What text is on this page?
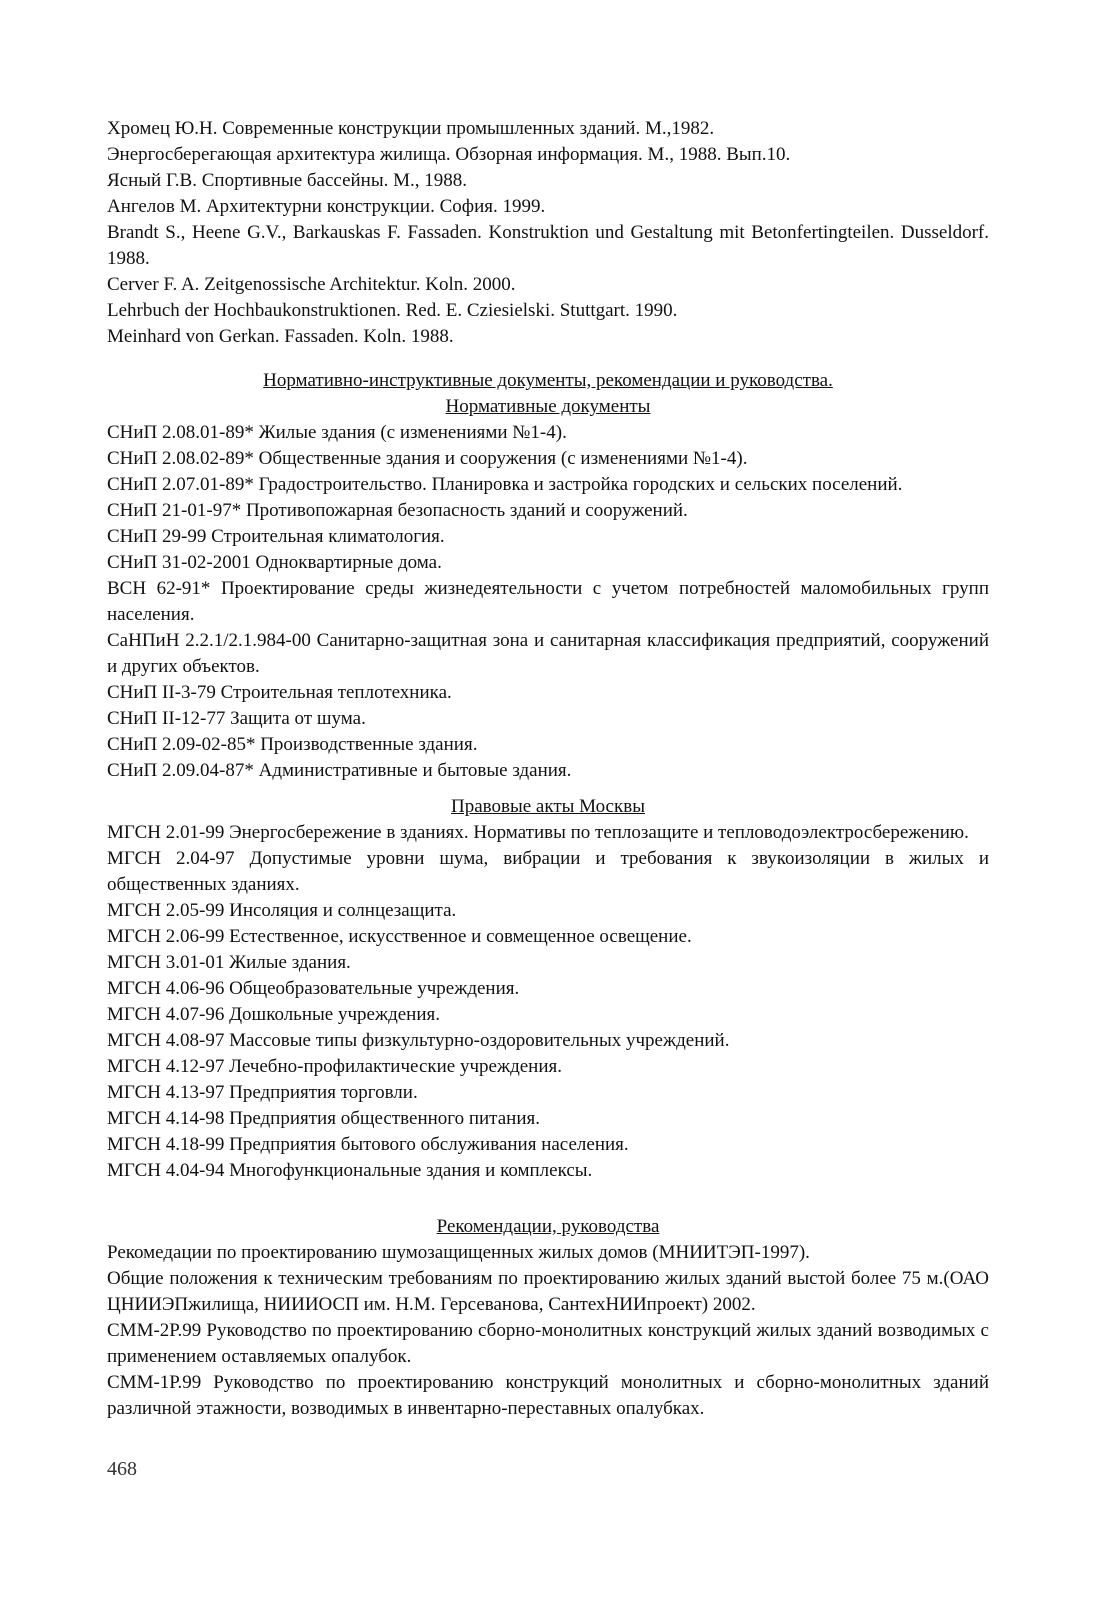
Хромец Ю.Н. Современные конструкции промышленных зданий. М.,1982.
Энергосберегающая архитектура жилища. Обзорная информация. М., 1988. Вып.10.
Ясный Г.В. Спортивные бассейны. М., 1988.
Ангелов М. Архитектурни конструкции. София. 1999.
Brandt S., Heene G.V., Barkauskas F. Fassaden. Konstruktion und Gestaltung mit Betonfertingteilen. Dusseldorf. 1988.
Cerver F. A. Zeitgenossische Architektur. Koln. 2000.
Lehrbuch der Hochbaukonstruktionen. Red. E. Cziesielski. Stuttgart. 1990.
Meinhard von Gerkan. Fassaden. Koln. 1988.
Нормативно-инструктивные документы, рекомендации и руководства.
Нормативные документы
СНиП 2.08.01-89* Жилые здания (с изменениями №1-4).
СНиП 2.08.02-89* Общественные здания и сооружения (с изменениями №1-4).
СНиП 2.07.01-89* Градостроительство. Планировка и застройка городских и сельских поселений.
СНиП 21-01-97* Противопожарная безопасность зданий и сооружений.
СНиП 29-99 Строительная климатология.
СНиП 31-02-2001 Одноквартирные дома.
ВСН 62-91* Проектирование среды жизнедеятельности с учетом потребностей маломобильных групп населения.
СаНПиН 2.2.1/2.1.984-00 Санитарно-защитная зона и санитарная классификация предприятий, сооружений и других объектов.
СНиП II-3-79 Строительная теплотехника.
СНиП II-12-77 Защита от шума.
СНиП 2.09-02-85* Производственные здания.
СНиП 2.09.04-87* Административные и бытовые здания.
Правовые акты Москвы
МГСН 2.01-99 Энергосбережение в зданиях. Нормативы по теплозащите и тепловодоэлектросбережению.
МГСН 2.04-97 Допустимые уровни шума, вибрации и требования к звукоизоляции в жилых и общественных зданиях.
МГСН 2.05-99 Инсоляция и солнцезащита.
МГСН 2.06-99 Естественное, искусственное и совмещенное освещение.
МГСН 3.01-01 Жилые здания.
МГСН 4.06-96 Общеобразовательные учреждения.
МГСН 4.07-96 Дошкольные учреждения.
МГСН 4.08-97 Массовые типы физкультурно-оздоровительных учреждений.
МГСН 4.12-97 Лечебно-профилактические учреждения.
МГСН 4.13-97 Предприятия торговли.
МГСН 4.14-98 Предприятия общественного питания.
МГСН 4.18-99 Предприятия бытового обслуживания населения.
МГСН 4.04-94 Многофункциональные здания и комплексы.
Рекомендации, руководства
Рекомедации по проектированию шумозащищенных жилых домов (МНИИТЭП-1997).
Общие положения к техническим требованиям по проектированию жилых зданий выстой более 75 м.(ОАО ЦНИИЭПжилища, НИИИОСП им. Н.М. Герсеванова, СантехНИИпроект) 2002.
СММ-2Р.99 Руководство по проектированию сборно-монолитных конструкций жилых зданий возводимых с применением оставляемых опалубок.
СММ-1Р.99 Руководство по проектированию конструкций монолитных и сборно-монолитных зданий различной этажности, возводимых в инвентарно-переставных опалубках.
468
